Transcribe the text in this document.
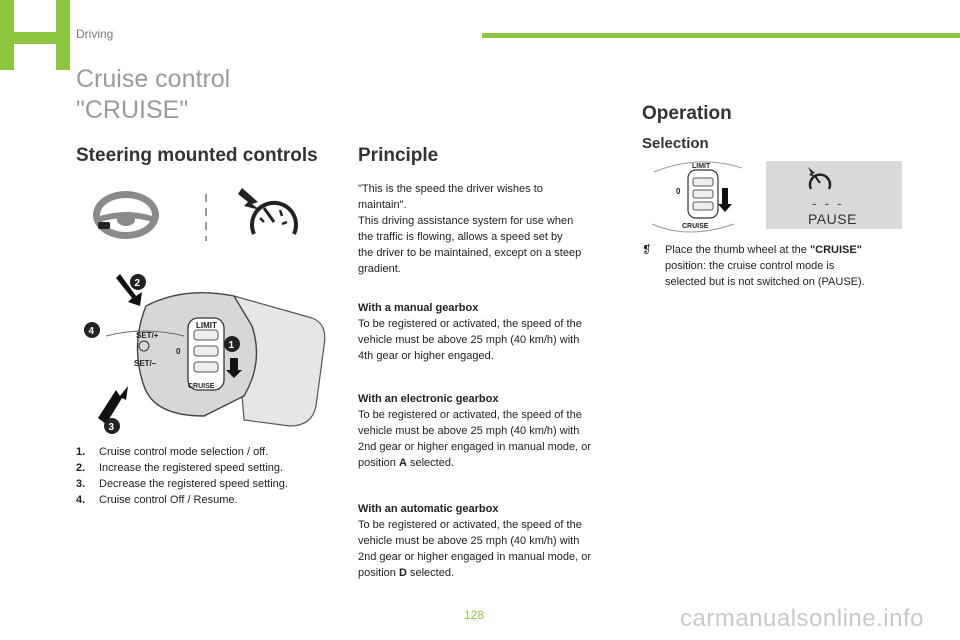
Driving
Cruise control
"CRUISE"
Steering mounted controls
SET/+
SET/–
LIMIT
0
CRUISE
2
4
1
3
1.	Cruise control mode selection / off.
2.	Increase the registered speed setting.
3.	Decrease the registered speed setting.
4.	Cruise control Off / Resume.
Principle
"This is the speed the driver wishes to
maintain".
This driving assistance system for use when
the traffic is flowing, allows a speed set by
the driver to be maintained, except on a steep
gradient.
With a manual gearbox
To be registered or activated, the speed of the
vehicle must be above 25 mph (40 km/h) with
4th gear or higher engaged.
With an electronic gearbox
To be registered or activated, the speed of the
vehicle must be above 25 mph (40 km/h) with
2nd gear or higher engaged in manual mode, or
position A selected.
With an automatic gearbox
To be registered or activated, the speed of the
vehicle must be above 25 mph (40 km/h) with
2nd gear or higher engaged in manual mode, or
position D selected.
Operation
Selection
LIMIT
0
CRUISE
- - -
PAUSE
❡	Place the thumb wheel at the "CRUISE"
position: the cruise control mode is
selected but is not switched on (PAUSE).
128	carmanualsonline.info
